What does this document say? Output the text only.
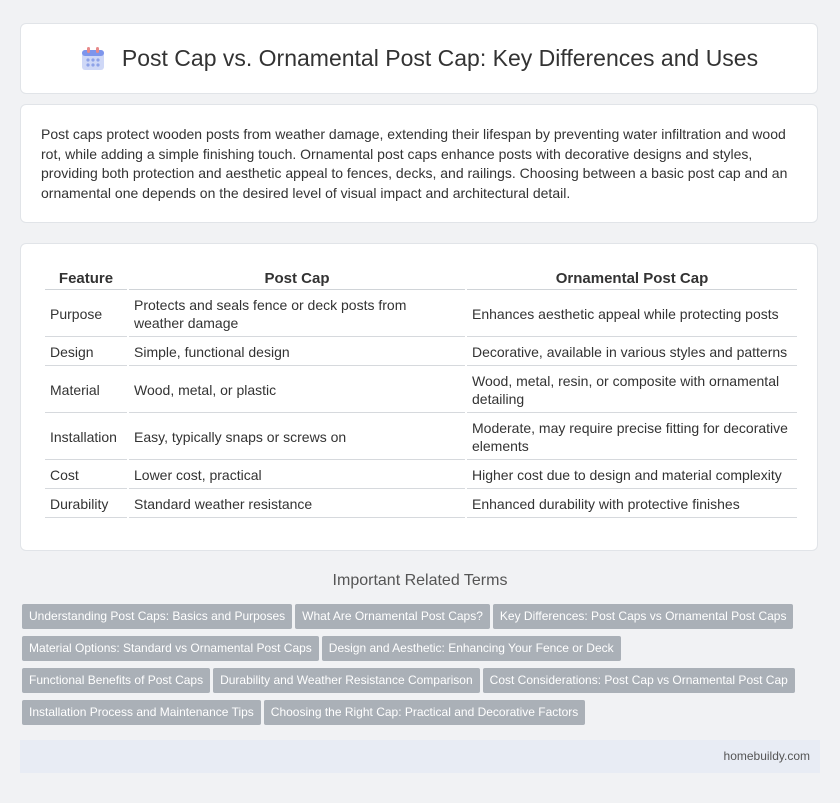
Post Cap vs. Ornamental Post Cap: Key Differences and Uses

Post caps protect wooden posts from weather damage, extending their lifespan by preventing water infiltration and wood rot, while adding a simple finishing touch. Ornamental post caps enhance posts with decorative designs and styles, providing both protection and aesthetic appeal to fences, decks, and railings. Choosing between a basic post cap and an ornamental one depends on the desired level of visual impact and architectural detail.

Feature	Post Cap	Ornamental Post Cap
Purpose	Protects and seals fence or deck posts from weather damage	Enhances aesthetic appeal while protecting posts
Design	Simple, functional design	Decorative, available in various styles and patterns
Material	Wood, metal, or plastic	Wood, metal, resin, or composite with ornamental detailing
Installation	Easy, typically snaps or screws on	Moderate, may require precise fitting for decorative elements
Cost	Lower cost, practical	Higher cost due to design and material complexity
Durability	Standard weather resistance	Enhanced durability with protective finishes
Important Related Terms
Understanding Post Caps: Basics and Purposes What Are Ornamental Post Caps? Key Differences: Post Caps vs Ornamental Post Caps
Material Options: Standard vs Ornamental Post Caps Design and Aesthetic: Enhancing Your Fence or Deck
Functional Benefits of Post Caps Durability and Weather Resistance Comparison Cost Considerations: Post Cap vs Ornamental Post Cap
Installation Process and Maintenance Tips Choosing the Right Cap: Practical and Decorative Factors
homebuildy.com
